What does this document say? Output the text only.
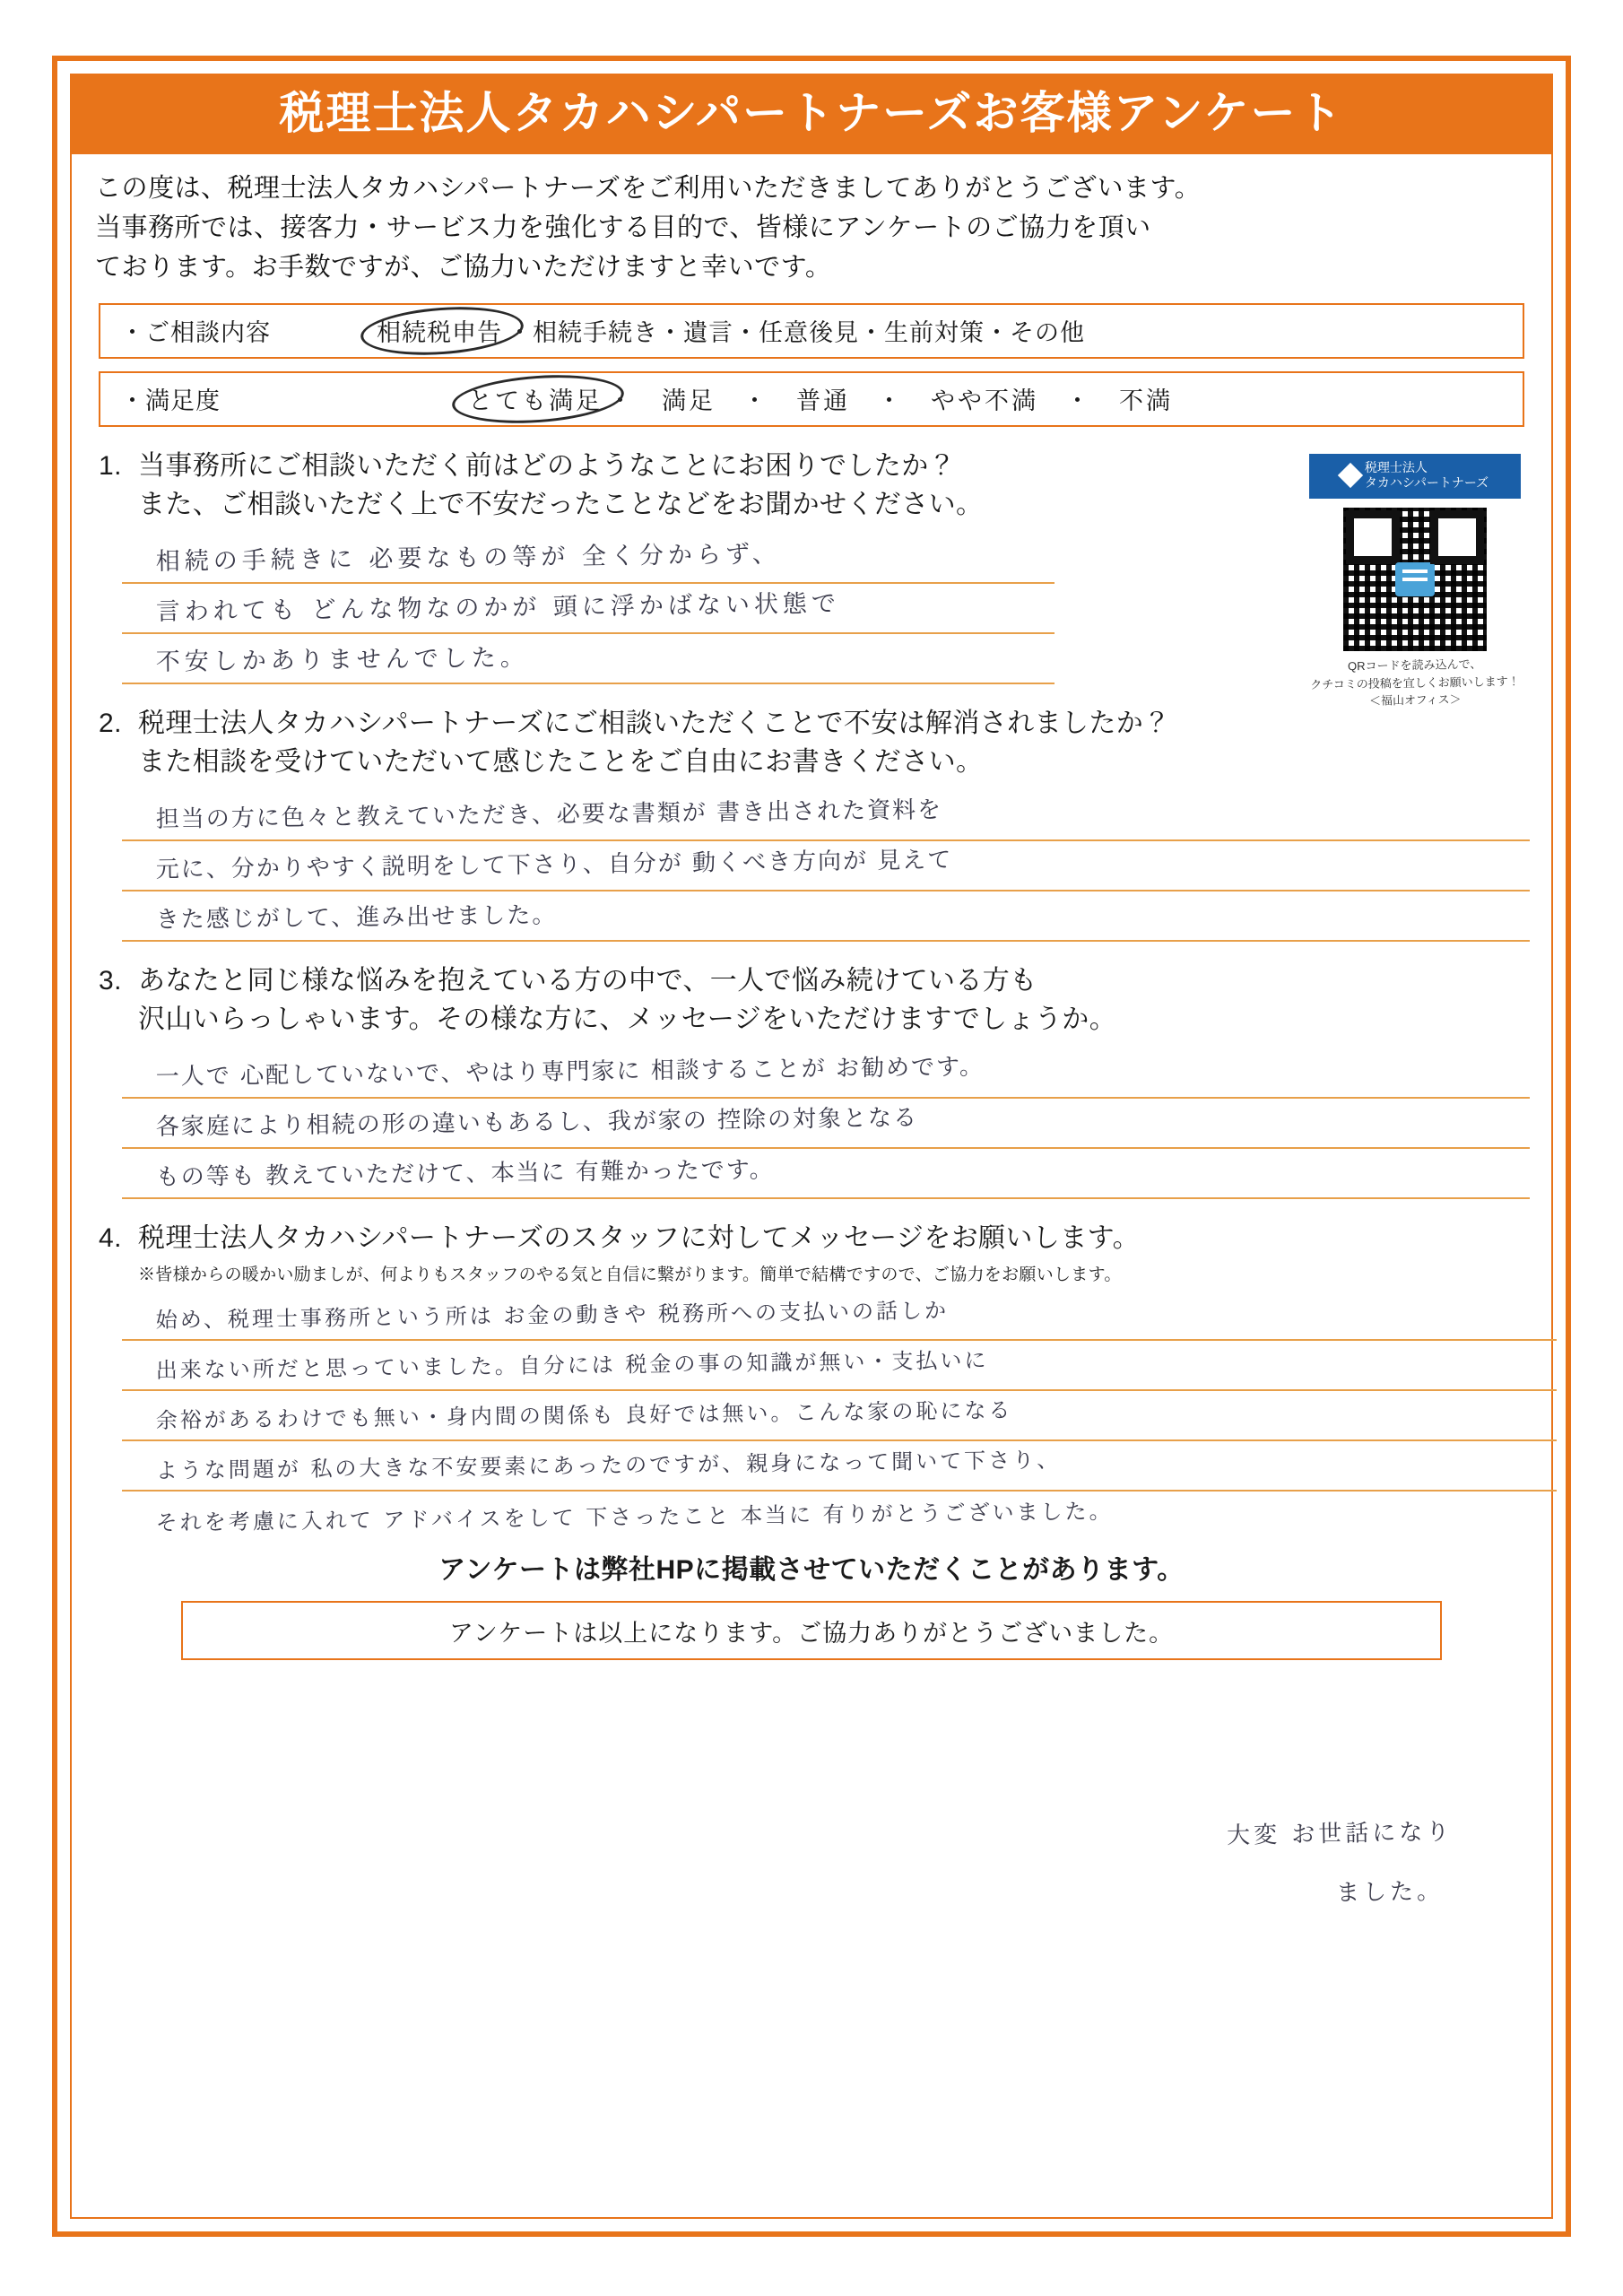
税理士法人タカハシパートナーズお客様アンケート
この度は、税理士法人タカハシパートナーズをご利用いただきましてありがとうございます。
当事務所では、接客力・サービス力を強化する目的で、皆様にアンケートのご協力を頂い
ております。お手数ですが、ご協力いただけますと幸いです。
・ご相談内容	相続税申告 ・相続手続き・遺言・任意後見・生前対策・その他
・満足度	とても満足 ・　満足　・　普通　・　やや不満　・　不満
税理士法人
タカハシパートナーズ
QRコードを読み込んで、
クチコミの投稿を宜しくお願いします！
＜福山オフィス＞
1. 当事務所にご相談いただく前はどのようなことにお困りでしたか？
また、ご相談いただく上で不安だったことなどをお聞かせください。
相続の手続きに 必要なもの等が 全く分からず、
言われても どんな物なのかが 頭に浮かばない状態で
不安しかありませんでした。
2. 税理士法人タカハシパートナーズにご相談いただくことで不安は解消されましたか？
また相談を受けていただいて感じたことをご自由にお書きください。
担当の方に色々と教えていただき、必要な書類が 書き出された資料を
元に、分かりやすく説明をして下さり、自分が 動くべき方向が 見えて
きた感じがして、進み出せました。
3. あなたと同じ様な悩みを抱えている方の中で、一人で悩み続けている方も
沢山いらっしゃいます。その様な方に、メッセージをいただけますでしょうか。
一人で 心配していないで、やはり専門家に 相談することが お勧めです。
各家庭により相続の形の違いもあるし、我が家の 控除の対象となる
もの等も 教えていただけて、本当に 有難かったです。
4. 税理士法人タカハシパートナーズのスタッフに対してメッセージをお願いします。
※皆様からの暖かい励ましが、何よりもスタッフのやる気と自信に繋がります。簡単で結構ですので、ご協力をお願いします。
始め、税理士事務所という所は お金の動きや 税務所への支払いの話しか
出来ない所だと思っていました。自分には 税金の事の知識が無い・支払いに
余裕があるわけでも無い・身内間の関係も 良好では無い。こんな家の恥になる
ような問題が 私の大きな不安要素にあったのですが、親身になって聞いて下さり、
それを考慮に入れて アドバイスをして 下さったこと 本当に 有りがとうございました。
アンケートは弊社HPに掲載させていただくことがあります。
大変 お世話になり
ました。
アンケートは以上になります。ご協力ありがとうございました。
